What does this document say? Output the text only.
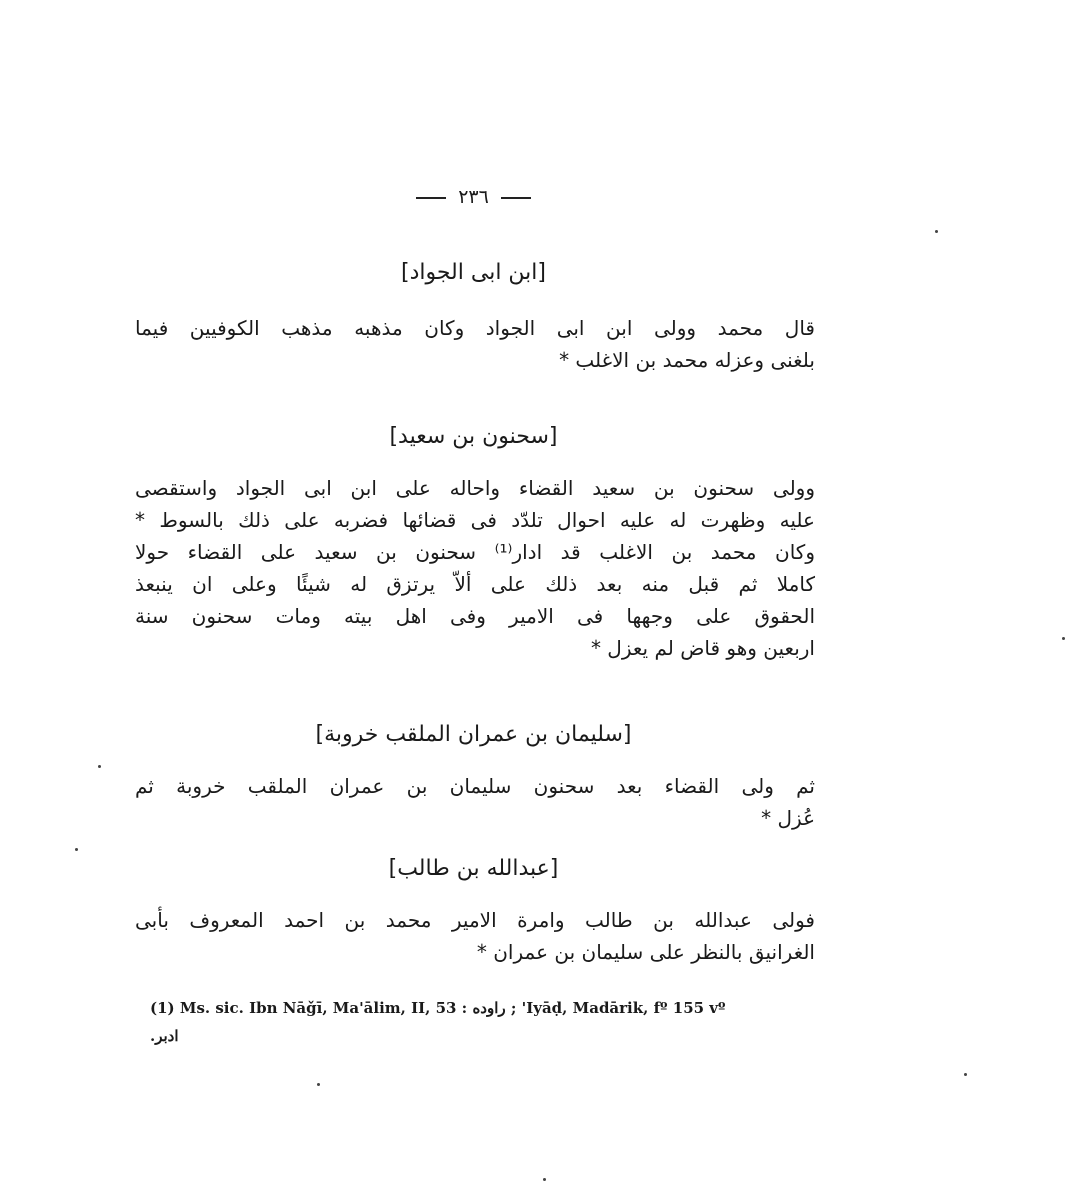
٢٣٦
[ابن ابى الجواد]
قال محمد وولى ابن ابى الجواد وكان مذهبه مذهب الكوفيين فيما
بلغنى وعزله محمد بن الاغلب *
[سحنون بن سعيد]
وولى سحنون بن سعيد القضاء واحاله على ابن ابى الجواد واستقصى
عليه وظهرت له عليه احوال تلدّد فى قضائها فضربه على ذلك بالسوط *
وكان محمد بن الاغلب قد ادار⁽¹⁾ سحنون بن سعيد على القضاء حولا
كاملا ثم قبل منه بعد ذلك على ألاّ يرتزق له شيئًا وعلى ان ينبعذ
الحقوق على وجهها فى الامير وفى اهل بيته ومات سحنون سنة
اربعين وهو قاض لم يعزل *
[سليمان بن عمران الملقب خروبة]
ثم ولى القضاء بعد سحنون سليمان بن عمران الملقب خروبة ثم
عُزل *
[عبدالله بن طالب]
فولى عبدالله بن طالب وامرة الامير محمد بن احمد المعروف بأبى
الغرانيق بالنظر على سليمان بن عمران *
(1) Ms. sic. Ibn Nāǧī, Ma'ālim, II, 53 : راوده ; 'Iyāḍ, Madārik, fº 155 vº
ادبر.
